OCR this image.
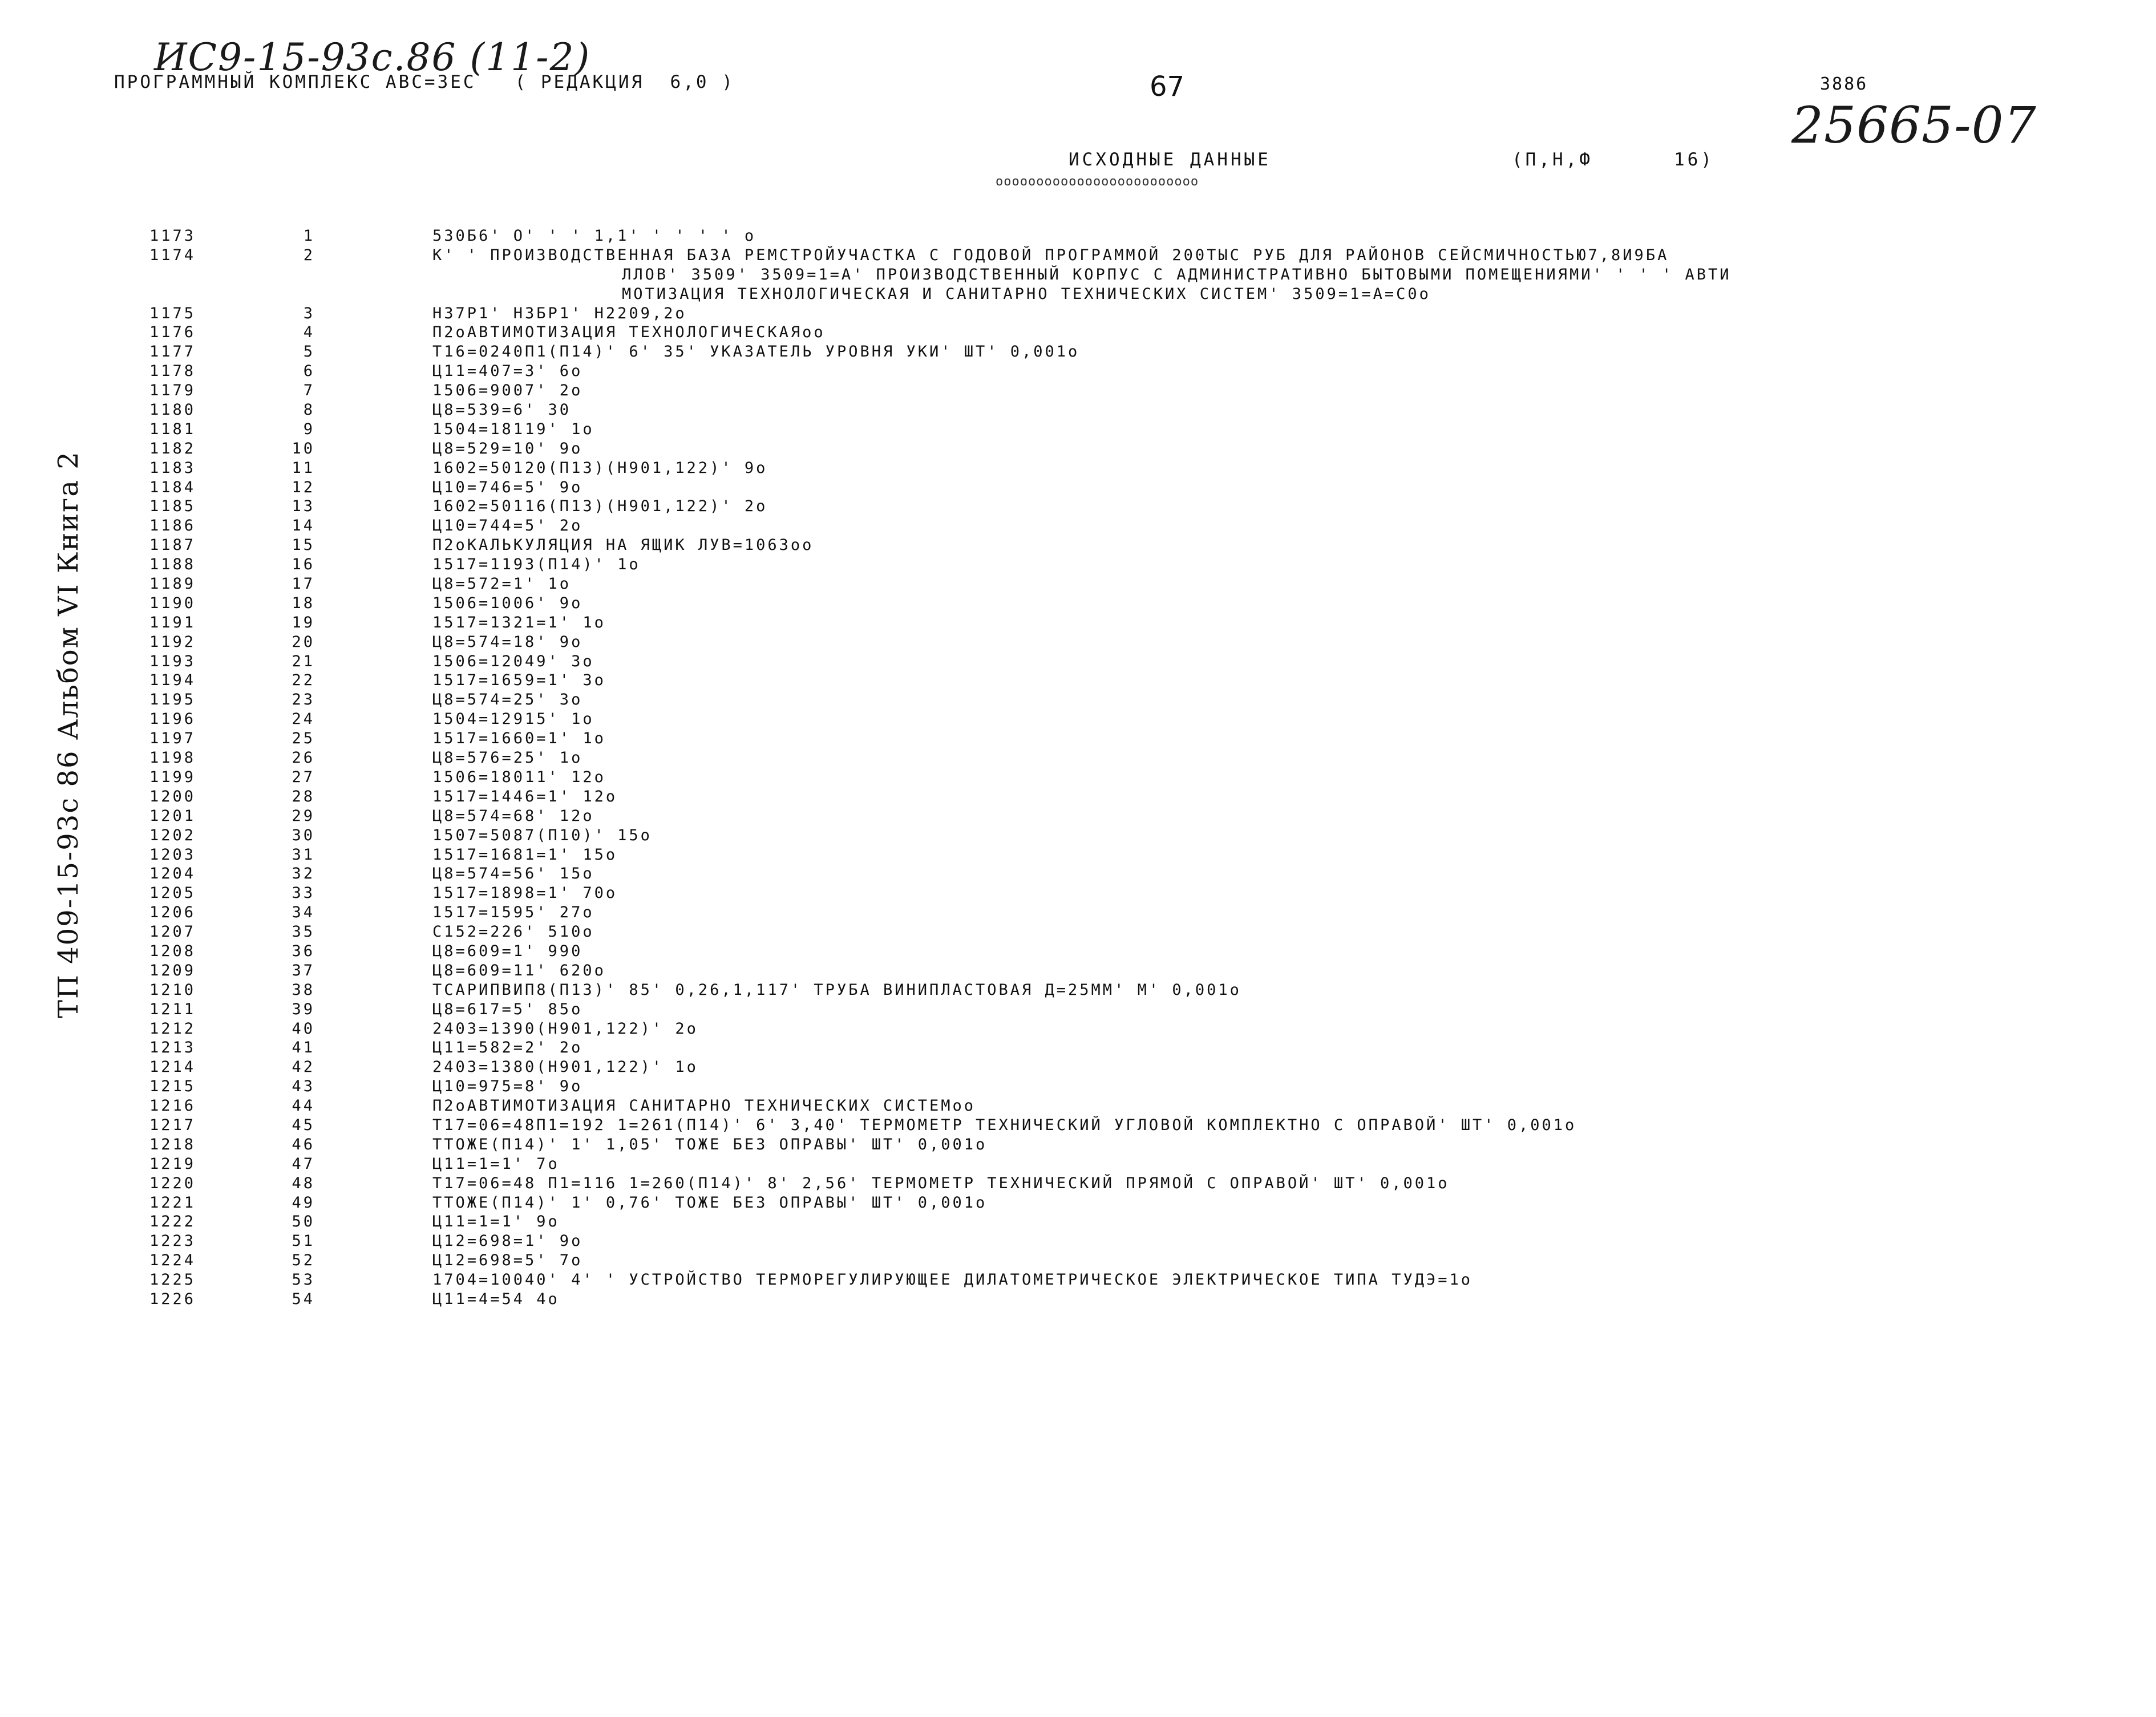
ИС9-15-93с.86 (11-2)
ПРОГРАММНЫЙ КОМПЛЕКС АВС=3ЕС   ( РЕДАКЦИЯ  6,0 )	67	3886
25665-07
ИСХОДНЫЕ ДАННЫЕ
ооооооооооооооооооооооооо
(П,Н,Ф      16)
ТП 409-15-93с 86 Альбом VI Книга 2
1173	1	530Б6' О' ' ' 1,1' ' ' ' ' о
1174	2	К' ' ПРОИЗВОДСТВЕННАЯ БАЗА РЕМСТРОЙУЧАСТКА С ГОДОВОЙ ПРОГРАММОЙ 200ТЫС РУБ ДЛЯ РАЙОНОВ СЕЙСМИЧНОСТЬЮ7,8И9БА
ЛЛОВ' 3509' 3509=1=А' ПРОИЗВОДСТВЕННЫЙ КОРПУС С АДМИНИСТРАТИВНО БЫТОВЫМИ ПОМЕЩЕНИЯМИ' ' ' ' АВТИ
МОТИЗАЦИЯ ТЕХНОЛОГИЧЕСКАЯ И САНИТАРНО ТЕХНИЧЕСКИХ СИСТЕМ' 3509=1=А=С0о
1175	3	Н37Р1' Н3БР1' Н2209,2о
1176	4	П2оАВТИМОТИЗАЦИЯ ТЕХНОЛОГИЧЕСКАЯоо
1177	5	Т16=0240П1(П14)' 6' 35' УКАЗАТЕЛЬ УРОВНЯ УКИ' ШТ' 0,001о
1178	6	Ц11=407=3' 6о
1179	7	1506=9007' 2о
1180	8	Ц8=539=6' 30
1181	9	1504=18119' 1о
1182	10	Ц8=529=10' 9о
1183	11	1602=50120(П13)(Н901,122)' 9о
1184	12	Ц10=746=5' 9о
1185	13	1602=50116(П13)(Н901,122)' 2о
1186	14	Ц10=744=5' 2о
1187	15	П2оКАЛЬКУЛЯЦИЯ НА ЯЩИК ЛУВ=1063оо
1188	16	1517=1193(П14)' 1о
1189	17	Ц8=572=1' 1о
1190	18	1506=1006' 9о
1191	19	1517=1321=1' 1о
1192	20	Ц8=574=18' 9о
1193	21	1506=12049' 3о
1194	22	1517=1659=1' 3о
1195	23	Ц8=574=25' 3о
1196	24	1504=12915' 1о
1197	25	1517=1660=1' 1о
1198	26	Ц8=576=25' 1о
1199	27	1506=18011' 12о
1200	28	1517=1446=1' 12о
1201	29	Ц8=574=68' 12о
1202	30	1507=5087(П10)' 15о
1203	31	1517=1681=1' 15о
1204	32	Ц8=574=56' 15о
1205	33	1517=1898=1' 70о
1206	34	1517=1595' 27о
1207	35	С152=226' 510о
1208	36	Ц8=609=1' 990
1209	37	Ц8=609=11' 620о
1210	38	ТСАРИПВИП8(П13)' 85' 0,26,1,117' ТРУБА ВИНИПЛАСТОВАЯ Д=25ММ' М' 0,001о
1211	39	Ц8=617=5' 85о
1212	40	2403=1390(Н901,122)' 2о
1213	41	Ц11=582=2' 2о
1214	42	2403=1380(Н901,122)' 1о
1215	43	Ц10=975=8' 9о
1216	44	П2оАВТИМОТИЗАЦИЯ САНИТАРНО ТЕХНИЧЕСКИХ СИСТЕМоо
1217	45	Т17=06=48П1=192 1=261(П14)' 6' 3,40' ТЕРМОМЕТР ТЕХНИЧЕСКИЙ УГЛОВОЙ КОМПЛЕКТНО С ОПРАВОЙ' ШТ' 0,001о
1218	46	ТТОЖЕ(П14)' 1' 1,05' ТОЖЕ БЕЗ ОПРАВЫ' ШТ' 0,001о
1219	47	Ц11=1=1' 7о
1220	48	Т17=06=48 П1=116 1=260(П14)' 8' 2,56' ТЕРМОМЕТР ТЕХНИЧЕСКИЙ ПРЯМОЙ С ОПРАВОЙ' ШТ' 0,001о
1221	49	ТТОЖЕ(П14)' 1' 0,76' ТОЖЕ БЕЗ ОПРАВЫ' ШТ' 0,001о
1222	50	Ц11=1=1' 9о
1223	51	Ц12=698=1' 9о
1224	52	Ц12=698=5' 7о
1225	53	1704=10040' 4' ' УСТРОЙСТВО ТЕРМОРЕГУЛИРУЮЩЕЕ ДИЛАТОМЕТРИЧЕСКОЕ ЭЛЕКТРИЧЕСКОЕ ТИПА ТУДЭ=1о
1226	54	Ц11=4=54 4о
